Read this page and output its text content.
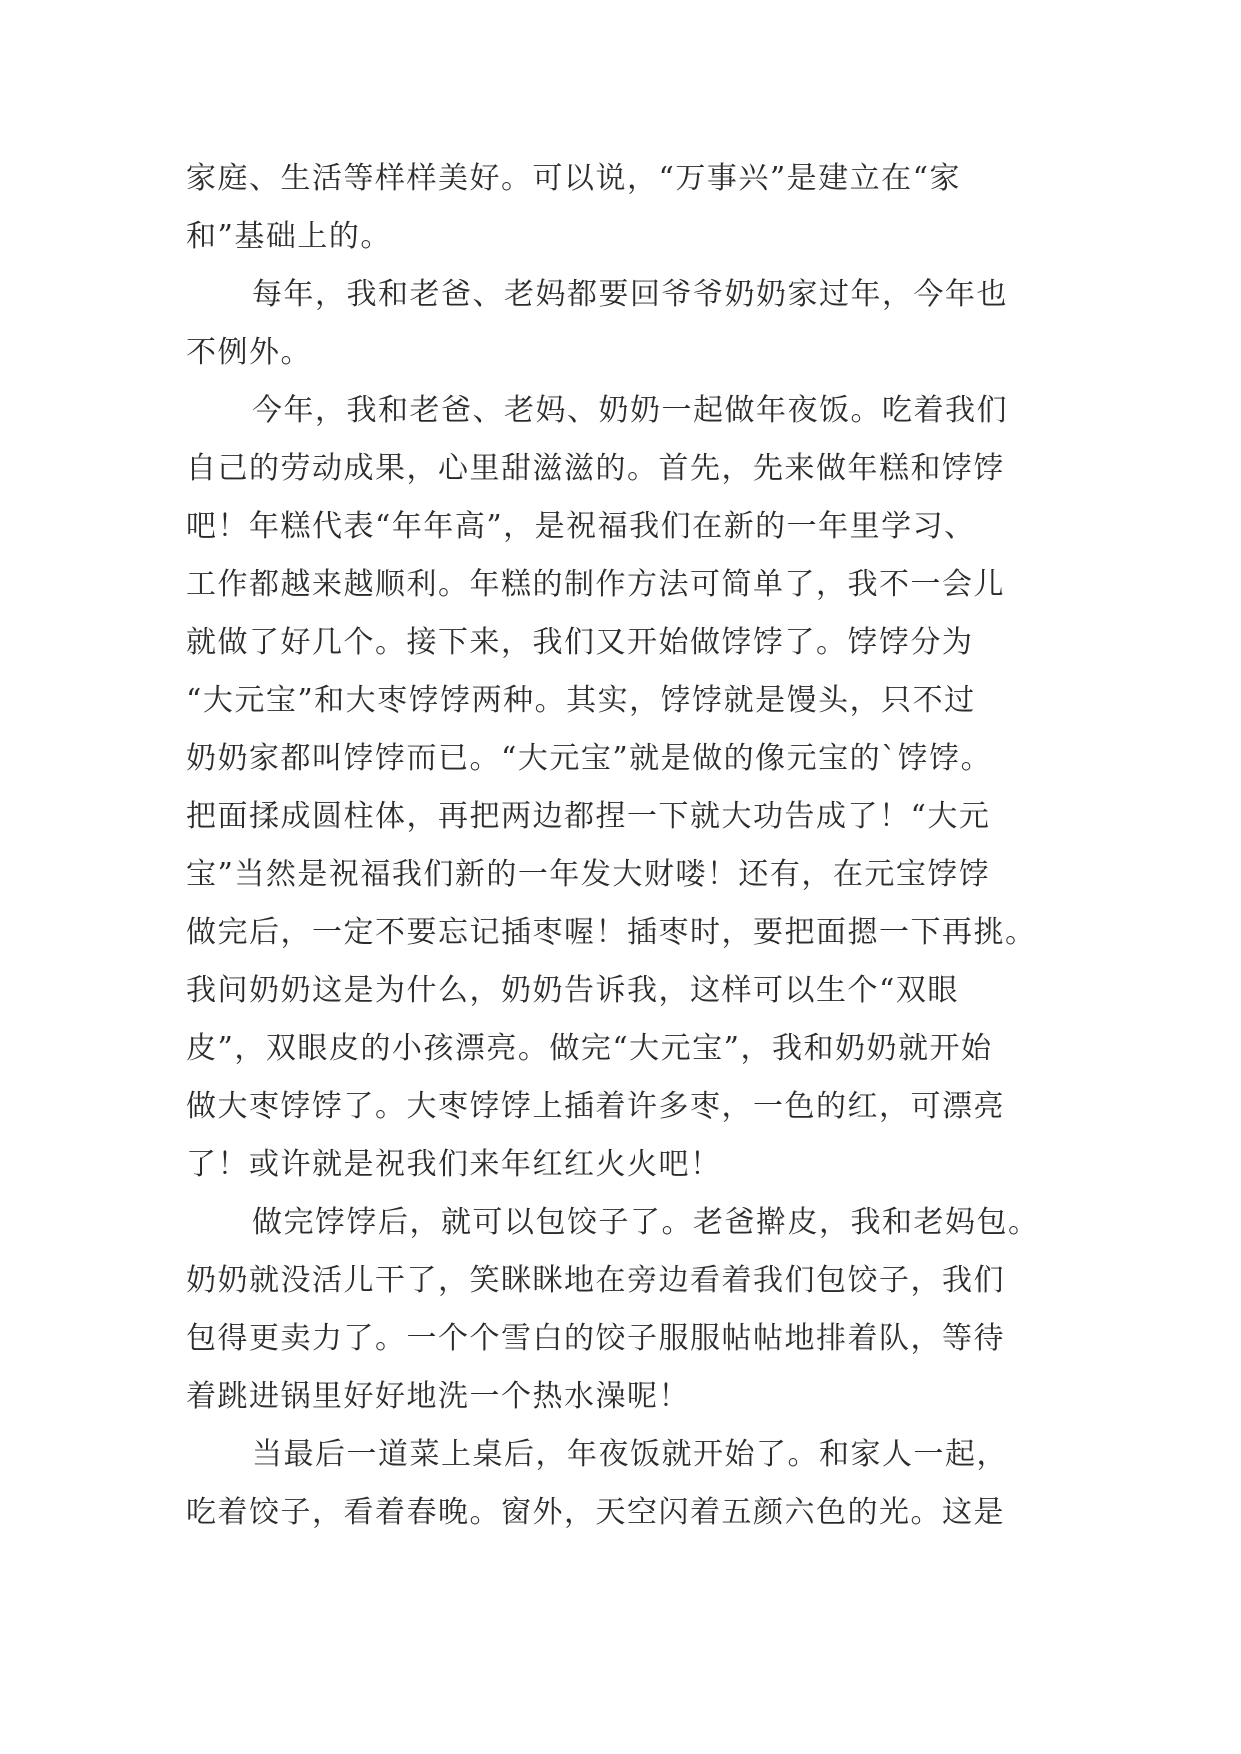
家庭、生活等样样美好。可以说，“万事兴”是建立在“家
和”基础上的。
每年，我和老爸、老妈都要回爷爷奶奶家过年，今年也
不例外。
今年，我和老爸、老妈、奶奶一起做年夜饭。吃着我们
自己的劳动成果，心里甜滋滋的。首先，先来做年糕和饽饽
吧！年糕代表“年年高”，是祝福我们在新的一年里学习、
工作都越来越顺利。年糕的制作方法可简单了，我不一会儿
就做了好几个。接下来，我们又开始做饽饽了。饽饽分为
“大元宝”和大枣饽饽两种。其实，饽饽就是馒头，只不过
奶奶家都叫饽饽而已。“大元宝”就是做的像元宝的`饽饽。
把面揉成圆柱体，再把两边都捏一下就大功告成了！“大元
宝”当然是祝福我们新的一年发大财喽！还有，在元宝饽饽
做完后，一定不要忘记插枣喔！插枣时，要把面摁一下再挑。
我问奶奶这是为什么，奶奶告诉我，这样可以生个“双眼
皮”，双眼皮的小孩漂亮。做完“大元宝”，我和奶奶就开始
做大枣饽饽了。大枣饽饽上插着许多枣，一色的红，可漂亮
了！或许就是祝我们来年红红火火吧！
做完饽饽后，就可以包饺子了。老爸擀皮，我和老妈包。
奶奶就没活儿干了，笑眯眯地在旁边看着我们包饺子，我们
包得更卖力了。一个个雪白的饺子服服帖帖地排着队，等待
着跳进锅里好好地洗一个热水澡呢！
当最后一道菜上桌后，年夜饭就开始了。和家人一起，
吃着饺子，看着春晚。窗外，天空闪着五颜六色的光。这是
